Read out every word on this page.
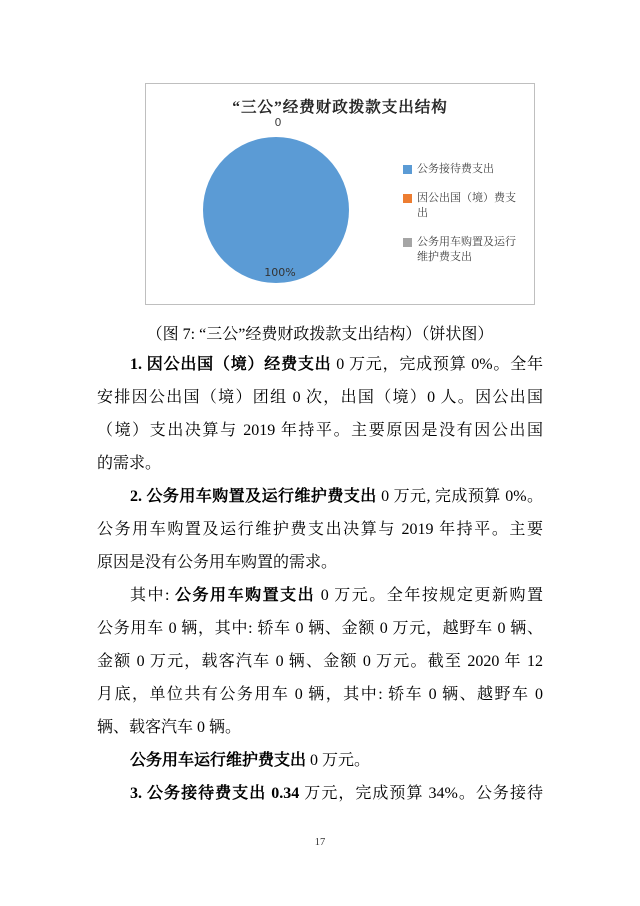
“三公”经费财政拨款支出结构
0
100%
公务接待费支出
因公出国（境）费支出
公务用车购置及运行维护费支出
（图 7: “三公”经费财政拨款支出结构）（饼状图）
1. 因公出国（境）经费支出 0 万元，完成预算 0%。全年
安排因公出国（境）团组 0 次，出国（境）0 人。因公出国
（境）支出决算与 2019 年持平。主要原因是没有因公出国
的需求。
2. 公务用车购置及运行维护费支出 0 万元, 完成预算 0%。
公务用车购置及运行维护费支出决算与 2019 年持平。主要
原因是没有公务用车购置的需求。
其中: 公务用车购置支出 0 万元。全年按规定更新购置
公务用车 0 辆，其中: 轿车 0 辆、金额 0 万元，越野车 0 辆、
金额 0 万元，载客汽车 0 辆、金额 0 万元。截至 2020 年 12
月底，单位共有公务用车 0 辆，其中: 轿车 0 辆、越野车 0
辆、载客汽车 0 辆。
公务用车运行维护费支出 0 万元。
3. 公务接待费支出 0.34 万元，完成预算 34%。公务接待
17
